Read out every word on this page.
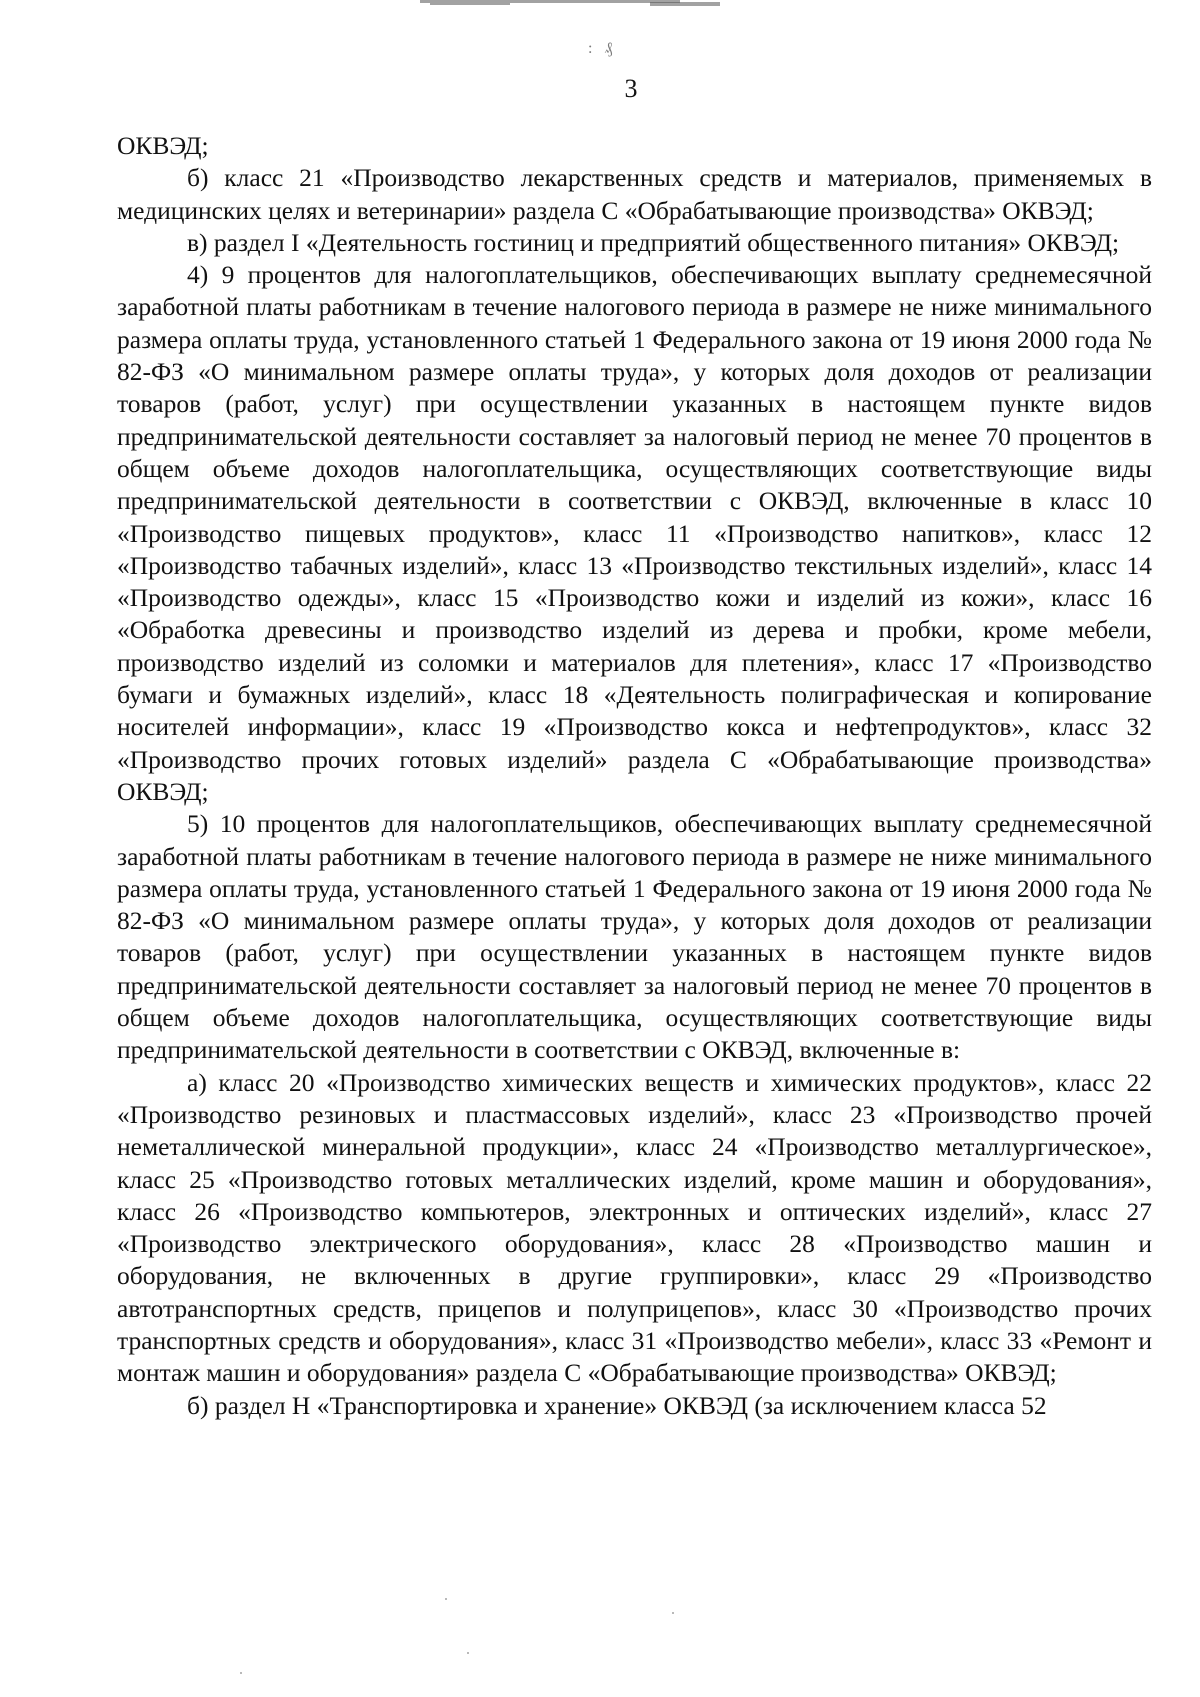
: ₰
3

ОКВЭД;

б) класс 21 «Производство лекарственных средств и материалов, применяемых в медицинских целях и ветеринарии» раздела С «Обрабатывающие производства» ОКВЭД;

в) раздел I «Деятельность гостиниц и предприятий общественного питания» ОКВЭД;

4) 9 процентов для налогоплательщиков, обеспечивающих выплату среднемесячной заработной платы работникам в течение налогового периода в размере не ниже минимального размера оплаты труда, установленного статьей 1 Федерального закона от 19 июня 2000 года № 82-ФЗ «О минимальном размере оплаты труда», у которых доля доходов от реализации товаров (работ, услуг) при осуществлении указанных в настоящем пункте видов предпринимательской деятельности составляет за налоговый период не менее 70 процентов в общем объеме доходов налогоплательщика, осуществляющих соответствующие виды предпринимательской деятельности в соответствии с ОКВЭД, включенные в класс 10 «Производство пищевых продуктов», класс 11 «Производство напитков», класс 12 «Производство табачных изделий», класс 13 «Производство текстильных изделий», класс 14 «Производство одежды», класс 15 «Производство кожи и изделий из кожи», класс 16 «Обработка древесины и производство изделий из дерева и пробки, кроме мебели, производство изделий из соломки и материалов для плетения», класс 17 «Производство бумаги и бумажных изделий», класс 18 «Деятельность полиграфическая и копирование носителей информации», класс 19 «Производство кокса и нефтепродуктов», класс 32 «Производство прочих готовых изделий» раздела С «Обрабатывающие производства» ОКВЭД;

5) 10 процентов для налогоплательщиков, обеспечивающих выплату среднемесячной заработной платы работникам в течение налогового периода в размере не ниже минимального размера оплаты труда, установленного статьей 1 Федерального закона от 19 июня 2000 года № 82-ФЗ «О минимальном размере оплаты труда», у которых доля доходов от реализации товаров (работ, услуг) при осуществлении указанных в настоящем пункте видов предпринимательской деятельности составляет за налоговый период не менее 70 процентов в общем объеме доходов налогоплательщика, осуществляющих соответствующие виды предпринимательской деятельности в соответствии с ОКВЭД, включенные в:

а) класс 20 «Производство химических веществ и химических продуктов», класс 22 «Производство резиновых и пластмассовых изделий», класс 23 «Производство прочей неметаллической минеральной продукции», класс 24 «Производство металлургическое», класс 25 «Производство готовых металлических изделий, кроме машин и оборудования», класс 26 «Производство компьютеров, электронных и оптических изделий», класс 27 «Производство электрического оборудования», класс 28 «Производство машин и оборудования, не включенных в другие группировки», класс 29 «Производство автотранспортных средств, прицепов и полуприцепов», класс 30 «Производство прочих транспортных средств и оборудования», класс 31 «Производство мебели», класс 33 «Ремонт и монтаж машин и оборудования» раздела С «Обрабатывающие производства» ОКВЭД;

б) раздел Н «Транспортировка и хранение» ОКВЭД (за исключением класса 52
